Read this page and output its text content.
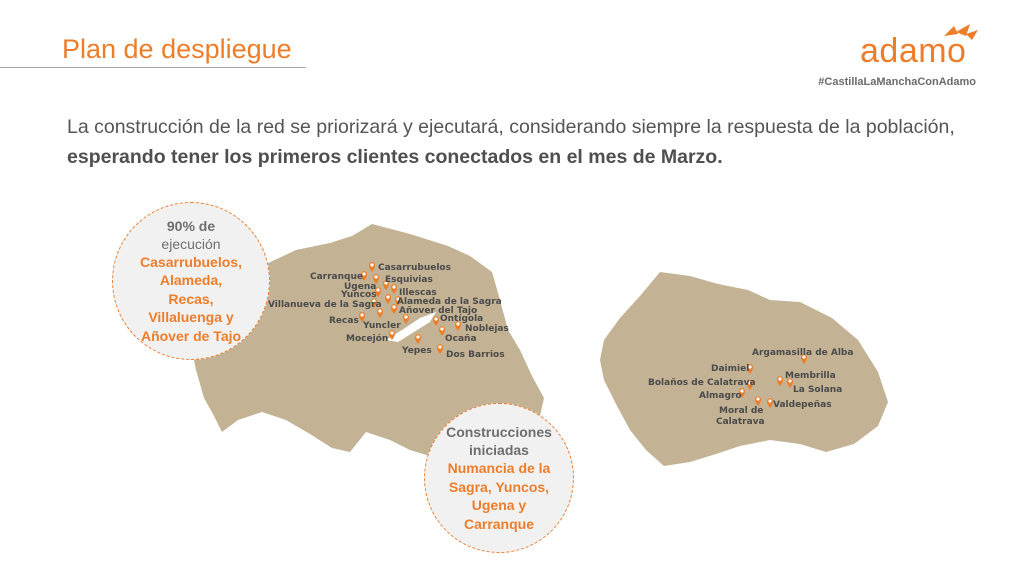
Plan de despliegue	adamo
#CastillaLaManchaConAdamo

La construcción de la red se priorizará y ejecutará, considerando siempre la respuesta de la población, esperando tener los primeros clientes conectados en el mes de Marzo.

Casarrubuelos
Carranque Esquivias
Ugena
Yuncos Illescas
Alameda de la Sagra
Villanueva de la Sagra
Añover del Tajo
Recas	Ontígola
Yuncler	Noblejas
Mocejón	Ocaña
Yepes Dos Barrios	Argamasilla de Alba
Daimiel
Membrilla
Bolaños de Calatrava
La Solana
Almagro
Valdepeñas
Moral de
Calatrava
90% de
ejecución
Casarrubuelos,
Alameda,
Recas,
Villaluenga y
Añover de Tajo
Construcciones
iniciadas
Numancia de la
Sagra, Yuncos,
Ugena y
Carranque
